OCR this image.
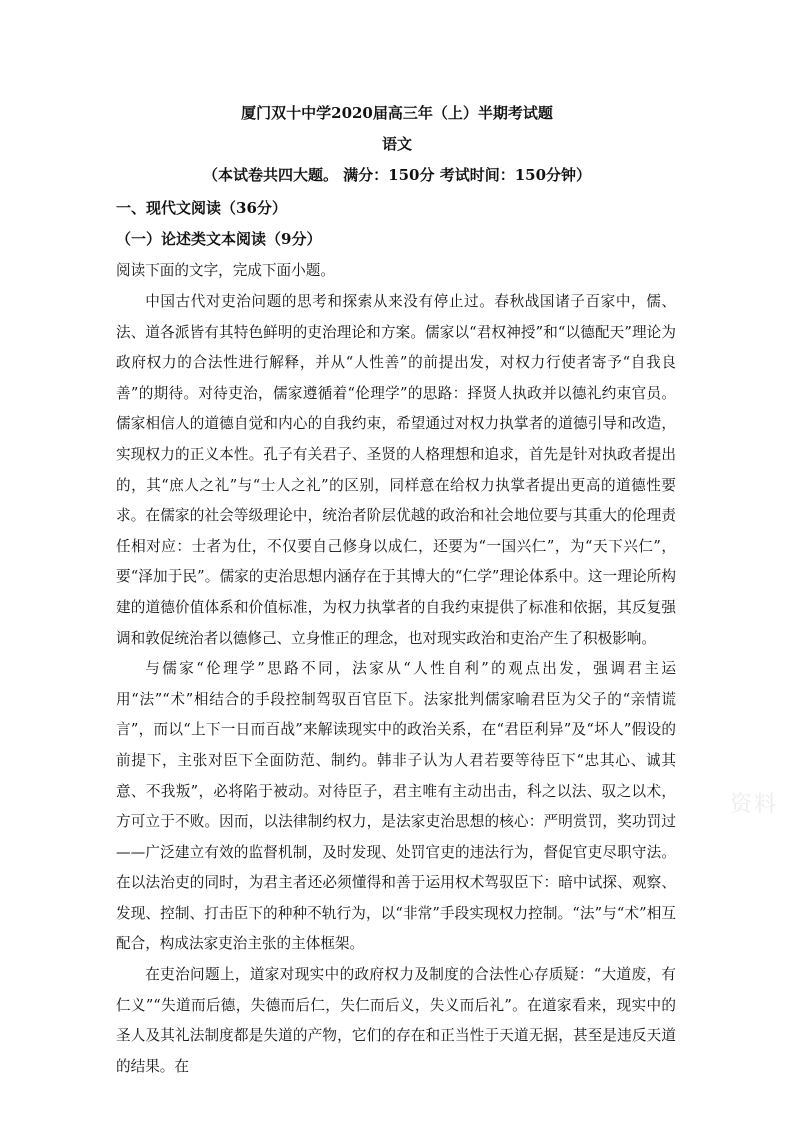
厦门双十中学2020届高三年（上）半期考试题
语文
（本试卷共四大题。 满分：150分 考试时间：150分钟）
一、现代文阅读（36分）
（一）论述类文本阅读（9分）

阅读下面的文字，完成下面小题。

中国古代对吏治问题的思考和探索从来没有停止过。春秋战国诸子百家中，儒、法、道各派皆有其特色鲜明的吏治理论和方案。儒家以“君权神授”和“以德配天”理论为政府权力的合法性进行解释，并从“人性善”的前提出发，对权力行使者寄予“自我良善”的期待。对待吏治，儒家遵循着“伦理学”的思路：择贤人执政并以德礼约束官员。儒家相信人的道德自觉和内心的自我约束，希望通过对权力执掌者的道德引导和改造，实现权力的正义本性。孔子有关君子、圣贤的人格理想和追求，首先是针对执政者提出的，其“庶人之礼”与“士人之礼”的区别，同样意在给权力执掌者提出更高的道德性要求。在儒家的社会等级理论中，统治者阶层优越的政治和社会地位要与其重大的伦理责任相对应：士者为仕，不仅要自己修身以成仁，还要为“一国兴仁”，为“天下兴仁”，要“泽加于民”。儒家的吏治思想内涵存在于其博大的“仁学”理论体系中。这一理论所构建的道德价值体系和价值标准，为权力执掌者的自我约束提供了标准和依据，其反复强调和敦促统治者以德修己、立身惟正的理念，也对现实政治和吏治产生了积极影响。

与儒家“伦理学”思路不同，法家从“人性自利”的观点出发，强调君主运用“法”“术”相结合的手段控制驾驭百官臣下。法家批判儒家喻君臣为父子的“亲情谎言”，而以“上下一日而百战”来解读现实中的政治关系，在“君臣利异”及“坏人”假设的前提下，主张对臣下全面防范、制约。韩非子认为人君若要等待臣下“忠其心、诚其意、不我叛”，必将陷于被动。对待臣子，君主唯有主动出击，科之以法、驭之以术，方可立于不败。因而，以法律制约权力，是法家吏治思想的核心：严明赏罚，奖功罚过——广泛建立有效的监督机制，及时发现、处罚官吏的违法行为，督促官吏尽职守法。在以法治吏的同时，为君主者还必须懂得和善于运用权术驾驭臣下：暗中试探、观察、发现、控制、打击臣下的种种不轨行为，以“非常”手段实现权力控制。“法”与“术”相互配合，构成法家吏治主张的主体框架。

在吏治问题上，道家对现实中的政府权力及制度的合法性心存质疑：“大道废，有仁义”“失道而后德，失德而后仁，失仁而后义，失义而后礼”。在道家看来，现实中的圣人及其礼法制度都是失道的产物，它们的存在和正当性于天道无据，甚至是违反天道的结果。在

资料
